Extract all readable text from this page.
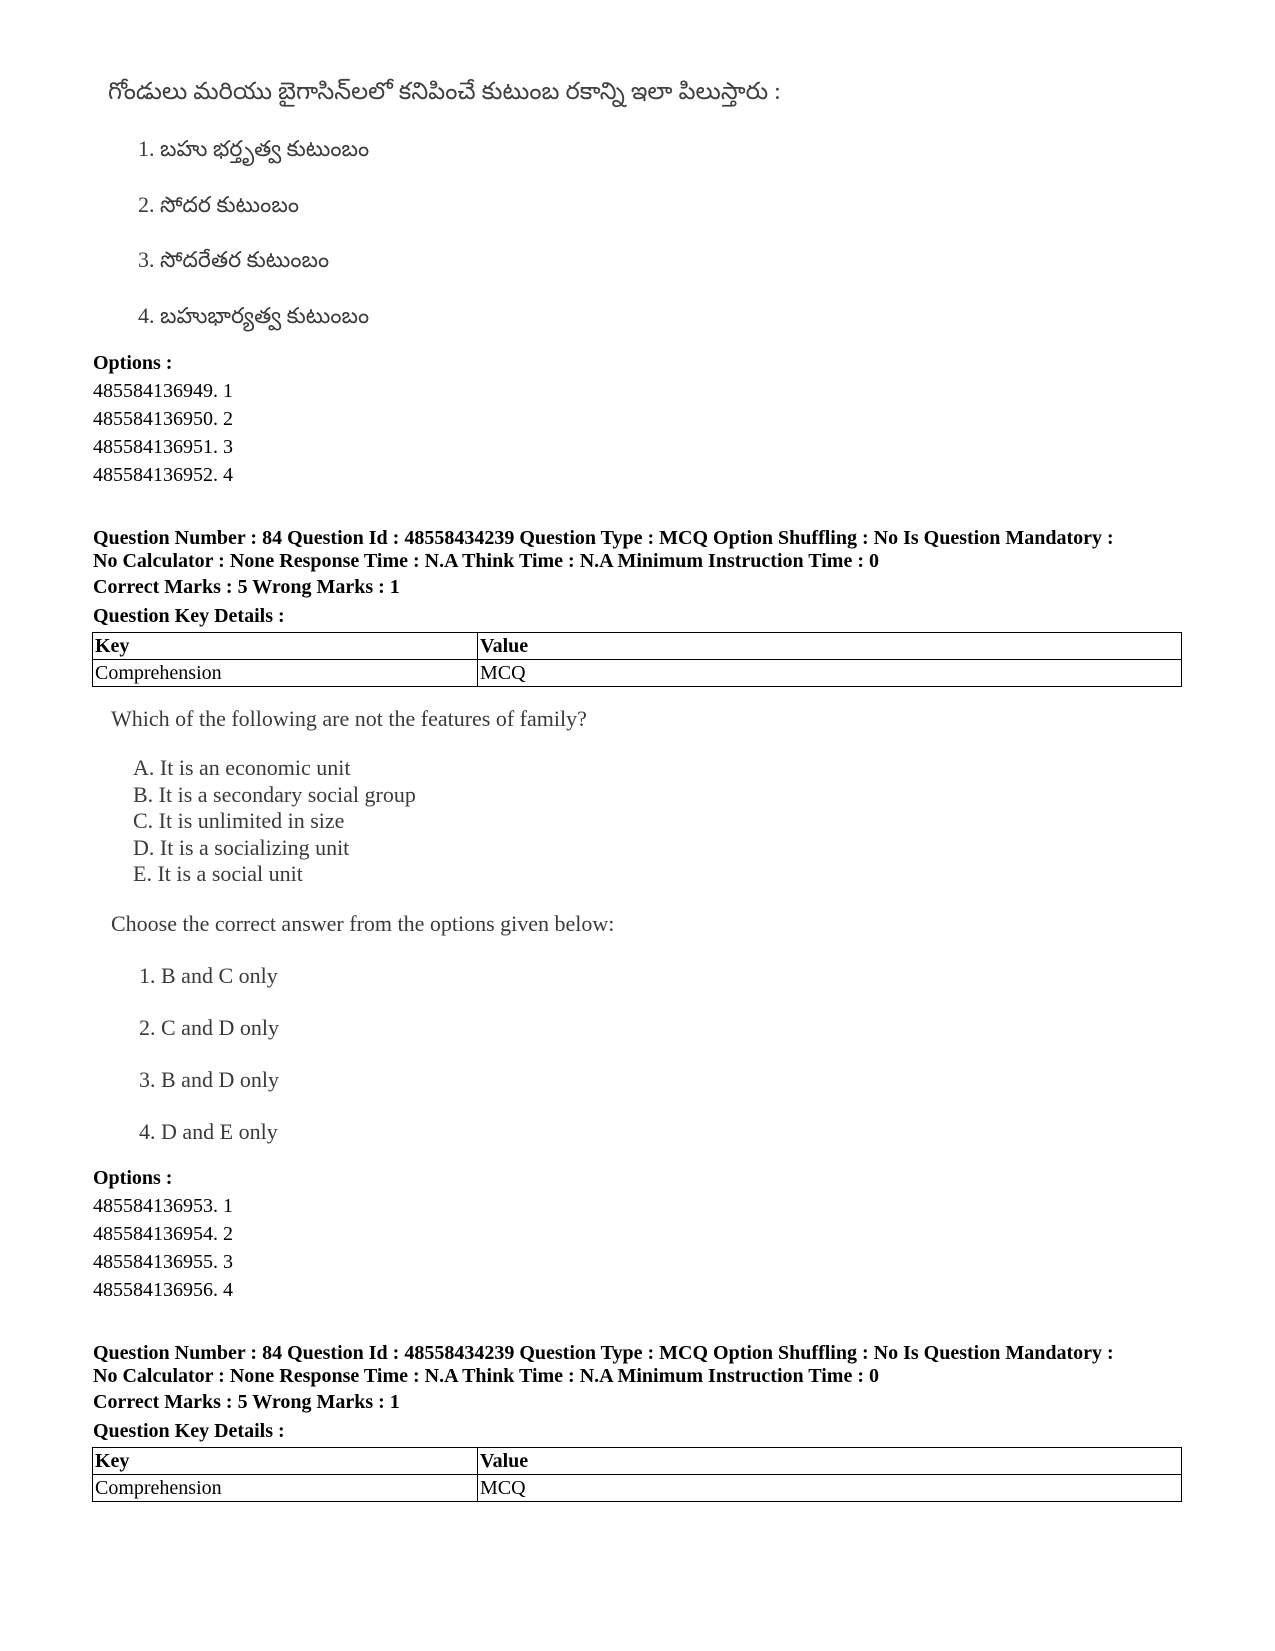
గోండులు మరియు బైగాసిన్‌లలో కనిపించే కుటుంబ రకాన్ని ఇలా పిలుస్తారు :
1. బహు భర్తృత్వ కుటుంబం
2. సోదర కుటుంబం
3. సోదరేతర కుటుంబం
4. బహుభార్యత్వ కుటుంబం
Options :
485584136949. 1
485584136950. 2
485584136951. 3
485584136952. 4
Question Number : 84 Question Id : 48558434239 Question Type : MCQ Option Shuffling : No Is Question Mandatory :
No Calculator : None Response Time : N.A Think Time : N.A Minimum Instruction Time : 0
Correct Marks : 5 Wrong Marks : 1
Question Key Details :
Key	Value
Comprehension	MCQ
Which of the following are not the features of family?
A. It is an economic unit
B. It is a secondary social group
C. It is unlimited in size
D. It is a socializing unit
E. It is a social unit
Choose the correct answer from the options given below:
1. B and C only
2. C and D only
3. B and D only
4. D and E only
Options :
485584136953. 1
485584136954. 2
485584136955. 3
485584136956. 4
Question Number : 84 Question Id : 48558434239 Question Type : MCQ Option Shuffling : No Is Question Mandatory :
No Calculator : None Response Time : N.A Think Time : N.A Minimum Instruction Time : 0
Correct Marks : 5 Wrong Marks : 1
Question Key Details :
Key	Value
Comprehension	MCQ
